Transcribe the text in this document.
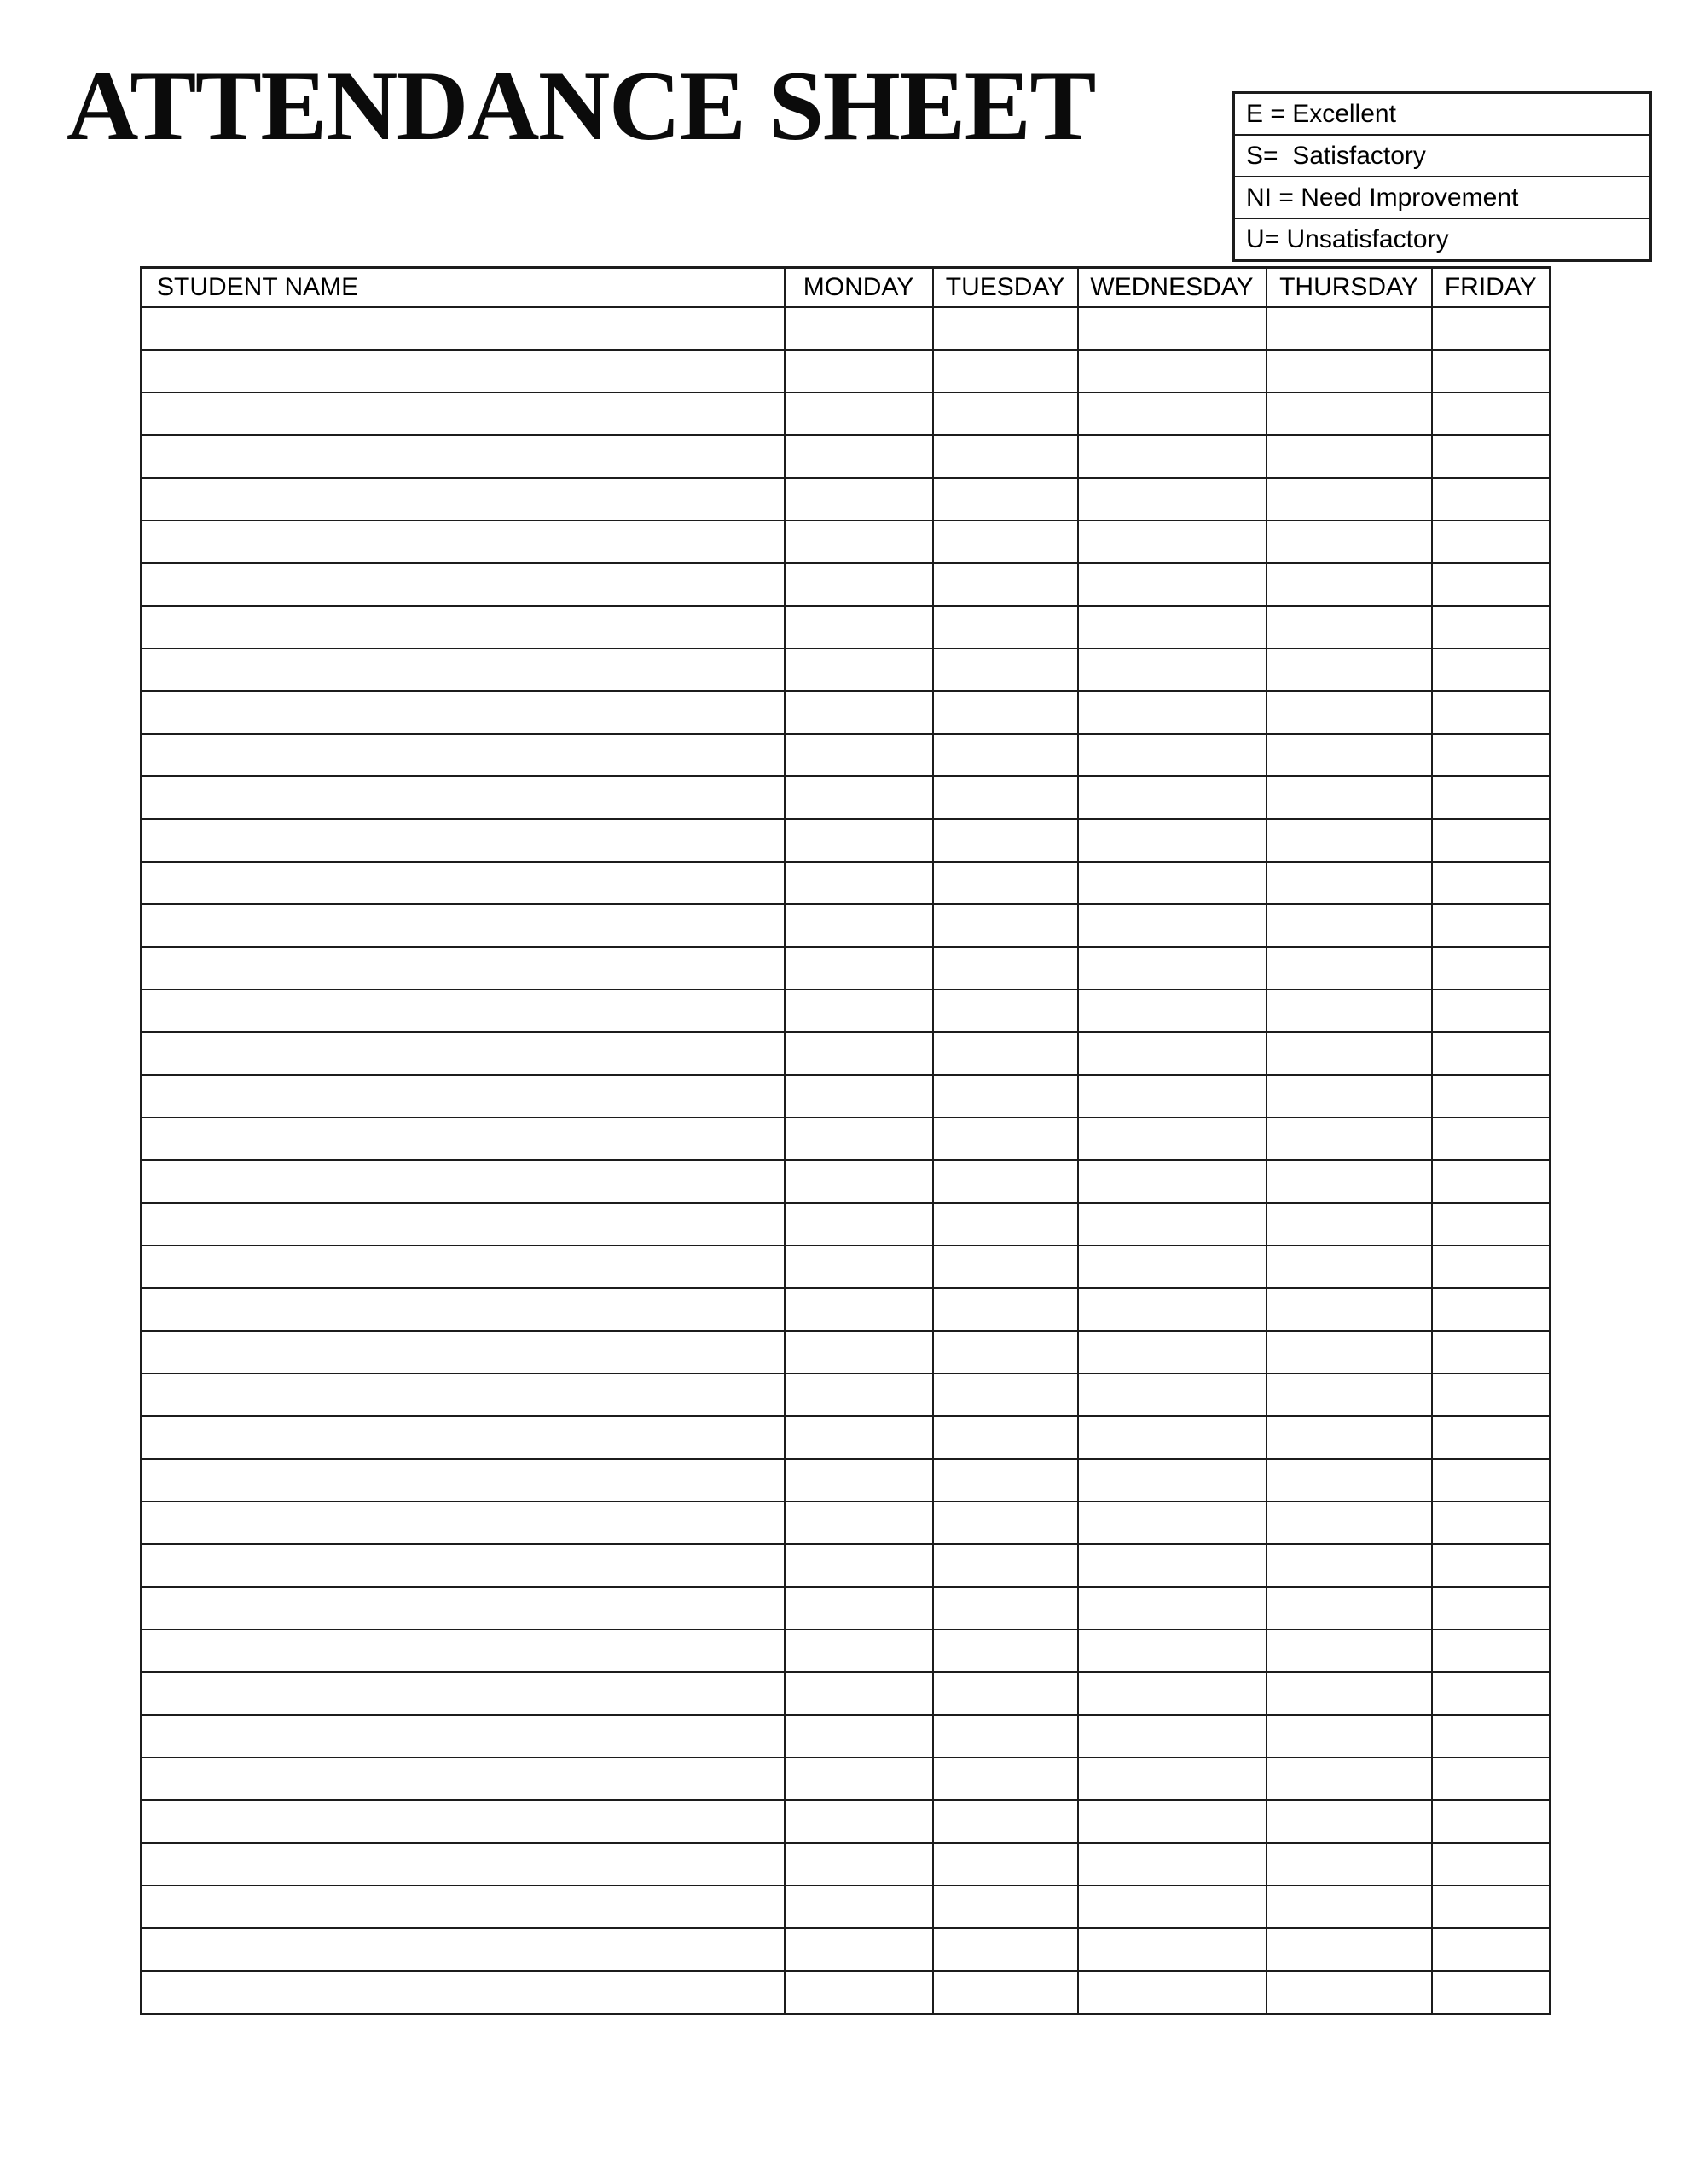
ATTENDANCE SHEET	E = Excellent
S=  Satisfactory
NI = Need Improvement
U= Unsatisfactory
STUDENT NAME	MONDAY	TUESDAY	WEDNESDAY	THURSDAY	FRIDAY
